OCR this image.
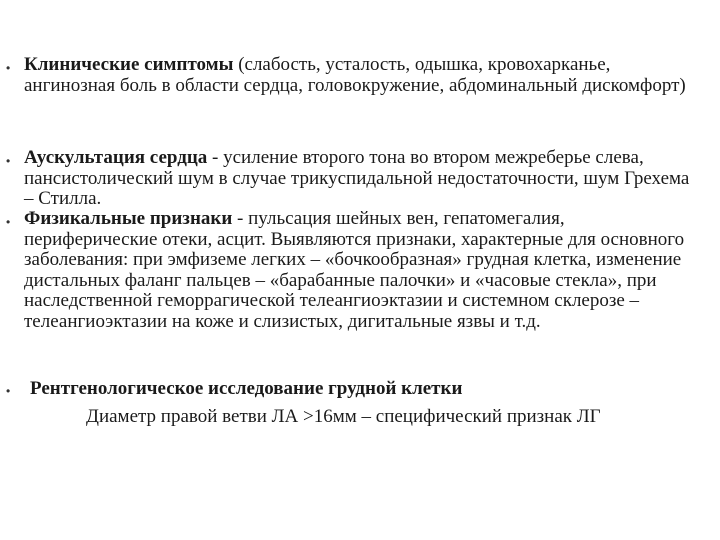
• Клинические симптомы (слабость, усталость, одышка, кровохарканье, ангинозная боль в области сердца, головокружение, абдоминальный дискомфорт)
• Аускультация сердца - усиление второго тона во втором межреберье слева, пансистолический шум в случае трикуспидальной недостаточности, шум Грехема – Стилла.
• Физикальные признаки - пульсация шейных вен, гепатомегалия, периферические отеки, асцит. Выявляются признаки, характерные для основного заболевания: при эмфиземе легких – «бочкообразная» грудная клетка, изменение дистальных фаланг пальцев – «барабанные палочки» и «часовые стекла», при наследственной геморрагической телеангиоэктазии и системном склерозе – телеангиоэктазии на коже и слизистых, дигитальные язвы и т.д.
•	Рентгенологическое исследование грудной клетки
Диаметр правой ветви ЛА >16мм – специфический признак ЛГ
